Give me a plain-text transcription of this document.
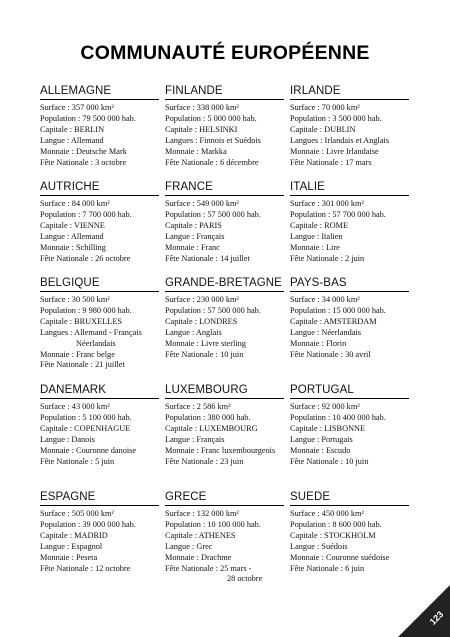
COMMUNAUTÉ EUROPÉENNE
ALLEMAGNE
Surface : 357 000 km²
Population : 79 500 000 hab.
Capitale : BERLIN
Langue : Allemand
Monnaie : Deutsche Mark
Fête Nationale : 3 octobre
FINLANDE
Surface : 338 000 km²
Population : 5 000 000 hab.
Capitale : HELSINKI
Langues : Finnois et Suédois
Monnaie : Markka
Fête Nationale : 6 décembre
IRLANDE
Surface : 70 000 km²
Population : 3 500 000 hab.
Capitale : DUBLIN
Langues : Irlandais et Anglais
Monnaie : Livre Irlandaise
Fête Nationale : 17 mars
AUTRICHE
Surface : 84 000 km²
Population : 7 700 000 hab.
Capitale : VIENNE
Langue : Allemand
Monnaie : Schilling
Fête Nationale : 26 octobre
FRANCE
Surface : 549 000 km²
Population : 57 500 000 hab.
Capitale : PARIS
Langue : Français
Monnaie : Franc
Fête Nationale : 14 juillet
ITALIE
Surface : 301 000 km²
Population : 57 700 000 hab.
Capitale : ROME
Langue : Italien
Monnaie : Lire
Fête Nationale : 2 juin
BELGIQUE
Surface : 30 500 km²
Population : 9 980 000 hab.
Capitale : BRUXELLES
Langues : Allemand - Français
Néerlandais
Monnaie : Franc belge
Fête Nationale : 21 juillet
GRANDE-BRETAGNE
Surface : 230 000 km²
Population : 57 500 000 hab.
Capitale : LONDRES
Langue : Anglais
Monnaie : Livre sterling
Fête Nationale : 10 juin
PAYS-BAS
Surface : 34 000 km²
Population : 15 000 000 hab.
Capitale : AMSTERDAM
Langue : Néerlandais
Monnaie : Florin
Fête Nationale : 30 avril
DANEMARK
Surface : 43 000 km²
Population : 5 100 000 hab.
Capitale : COPENHAGUE
Langue : Danois
Monnaie : Couronne danoise
Fête Nationale : 5 juin
LUXEMBOURG
Surface : 2 586 km²
Population : 380 000 hab.
Capitale : LUXEMBOURG
Langue : Français
Monnaie : Franc luxembourgeois
Fête Nationale : 23 juin
PORTUGAL
Surface : 92 000 km²
Population : 10 400 000 hab.
Capitale : LISBONNE
Langue : Portugais
Monnaie : Escudo
Fête Nationale : 10 juin
ESPAGNE
Surface : 505 000 km²
Population : 39 000 000 hab.
Capitale : MADRID
Langue : Espagnol
Monnaie : Peseta
Fête Nationale : 12 octobre
GRECE
Surface : 132 000 km²
Population : 10 100 000 hab.
Capitale : ATHENES
Langue : Grec
Monnaie : Drachme
Fête Nationale : 25 mars -
28 octobre
SUEDE
Surface : 450 000 km²
Population : 8 600 000 hab.
Capitale : STOCKHOLM
Langue : Suédois
Monnaie : Couronne suédoise
Fête Nationale : 6 juin
123
